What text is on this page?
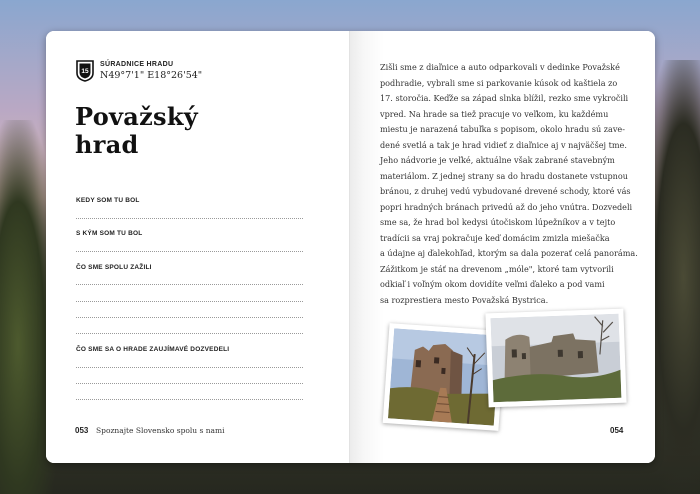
15
SÚRADNICE HRADU
N49°7'1" E18°26'54"
Považský
hrad
KEDY SOM TU BOL
S KÝM SOM TU BOL
ČO SME SPOLU ZAŽILI
ČO SME SA O HRADE ZAUJÍMAVÉ DOZVEDELI
053 Spoznajte Slovensko spolu s nami
Zišli sme z diaľnice a auto odparkovali v dedinke Považské
podhradie, vybrali sme si parkovanie kúsok od kaštiela zo
17. storočia. Keďže sa západ slnka blížil, rezko sme vykročili
vpred. Na hrade sa tiež pracuje vo veľkom, ku každému
miestu je narazená tabuľka s popisom, okolo hradu sú zave-
dené svetlá a tak je hrad vidieť z diaľnice aj v najväčšej tme.
Jeho nádvorie je veľké, aktuálne však zabrané stavebným
materiálom. Z jednej strany sa do hradu dostanete vstupnou
bránou, z druhej vedú vybudované drevené schody, ktoré vás
popri hradných bránach privedú až do jeho vnútra. Dozvedeli
sme sa, že hrad bol kedysi útočiskom lúpežníkov a v tejto
tradícii sa vraj pokračuje keď domácim zmizla miešačka
a údajne aj ďalekohľad, ktorým sa dala pozerať celá panoráma.
Zážitkom je stáť na drevenom „móle", ktoré tam vytvorili
odkiaľ i voľným okom dovidíte veľmi ďaleko a pod vami
sa rozprestiera mesto Považská Bystrica.
054
